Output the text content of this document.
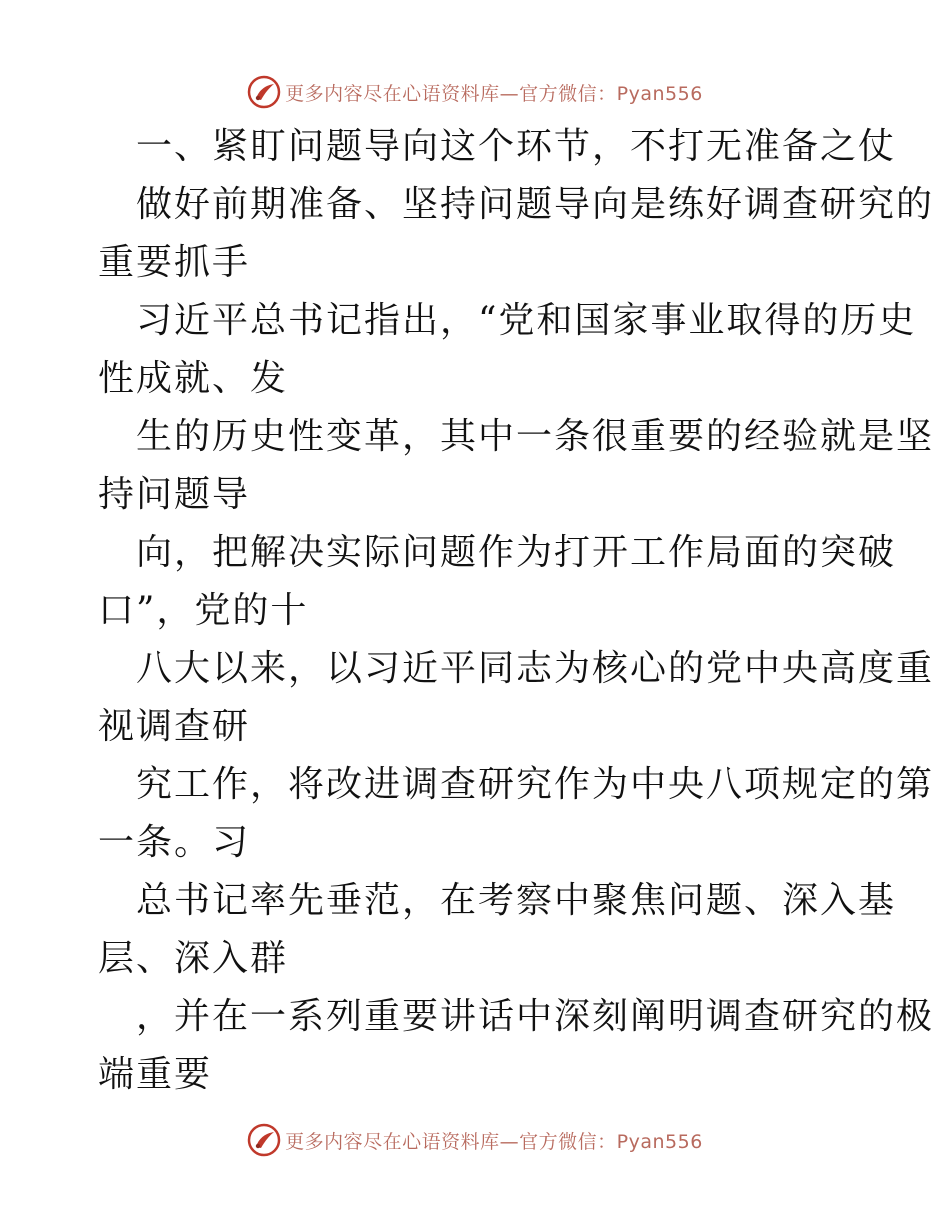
更多内容尽在心语资料库—官方微信：Pyan556
一、紧盯问题导向这个环节，不打无准备之仗
做好前期准备、坚持问题导向是练好调查研究的
重要抓手
习近平总书记指出，“党和国家事业取得的历史
性成就、发
生的历史性变革，其中一条很重要的经验就是坚
持问题导
向，把解决实际问题作为打开工作局面的突破
口”，党的十
八大以来，以习近平同志为核心的党中央高度重
视调查研
究工作，将改进调查研究作为中央八项规定的第
一条。习
总书记率先垂范，在考察中聚焦问题、深入基
层、深入群
，并在一系列重要讲话中深刻阐明调查研究的极
端重要
更多内容尽在心语资料库—官方微信：Pyan556
